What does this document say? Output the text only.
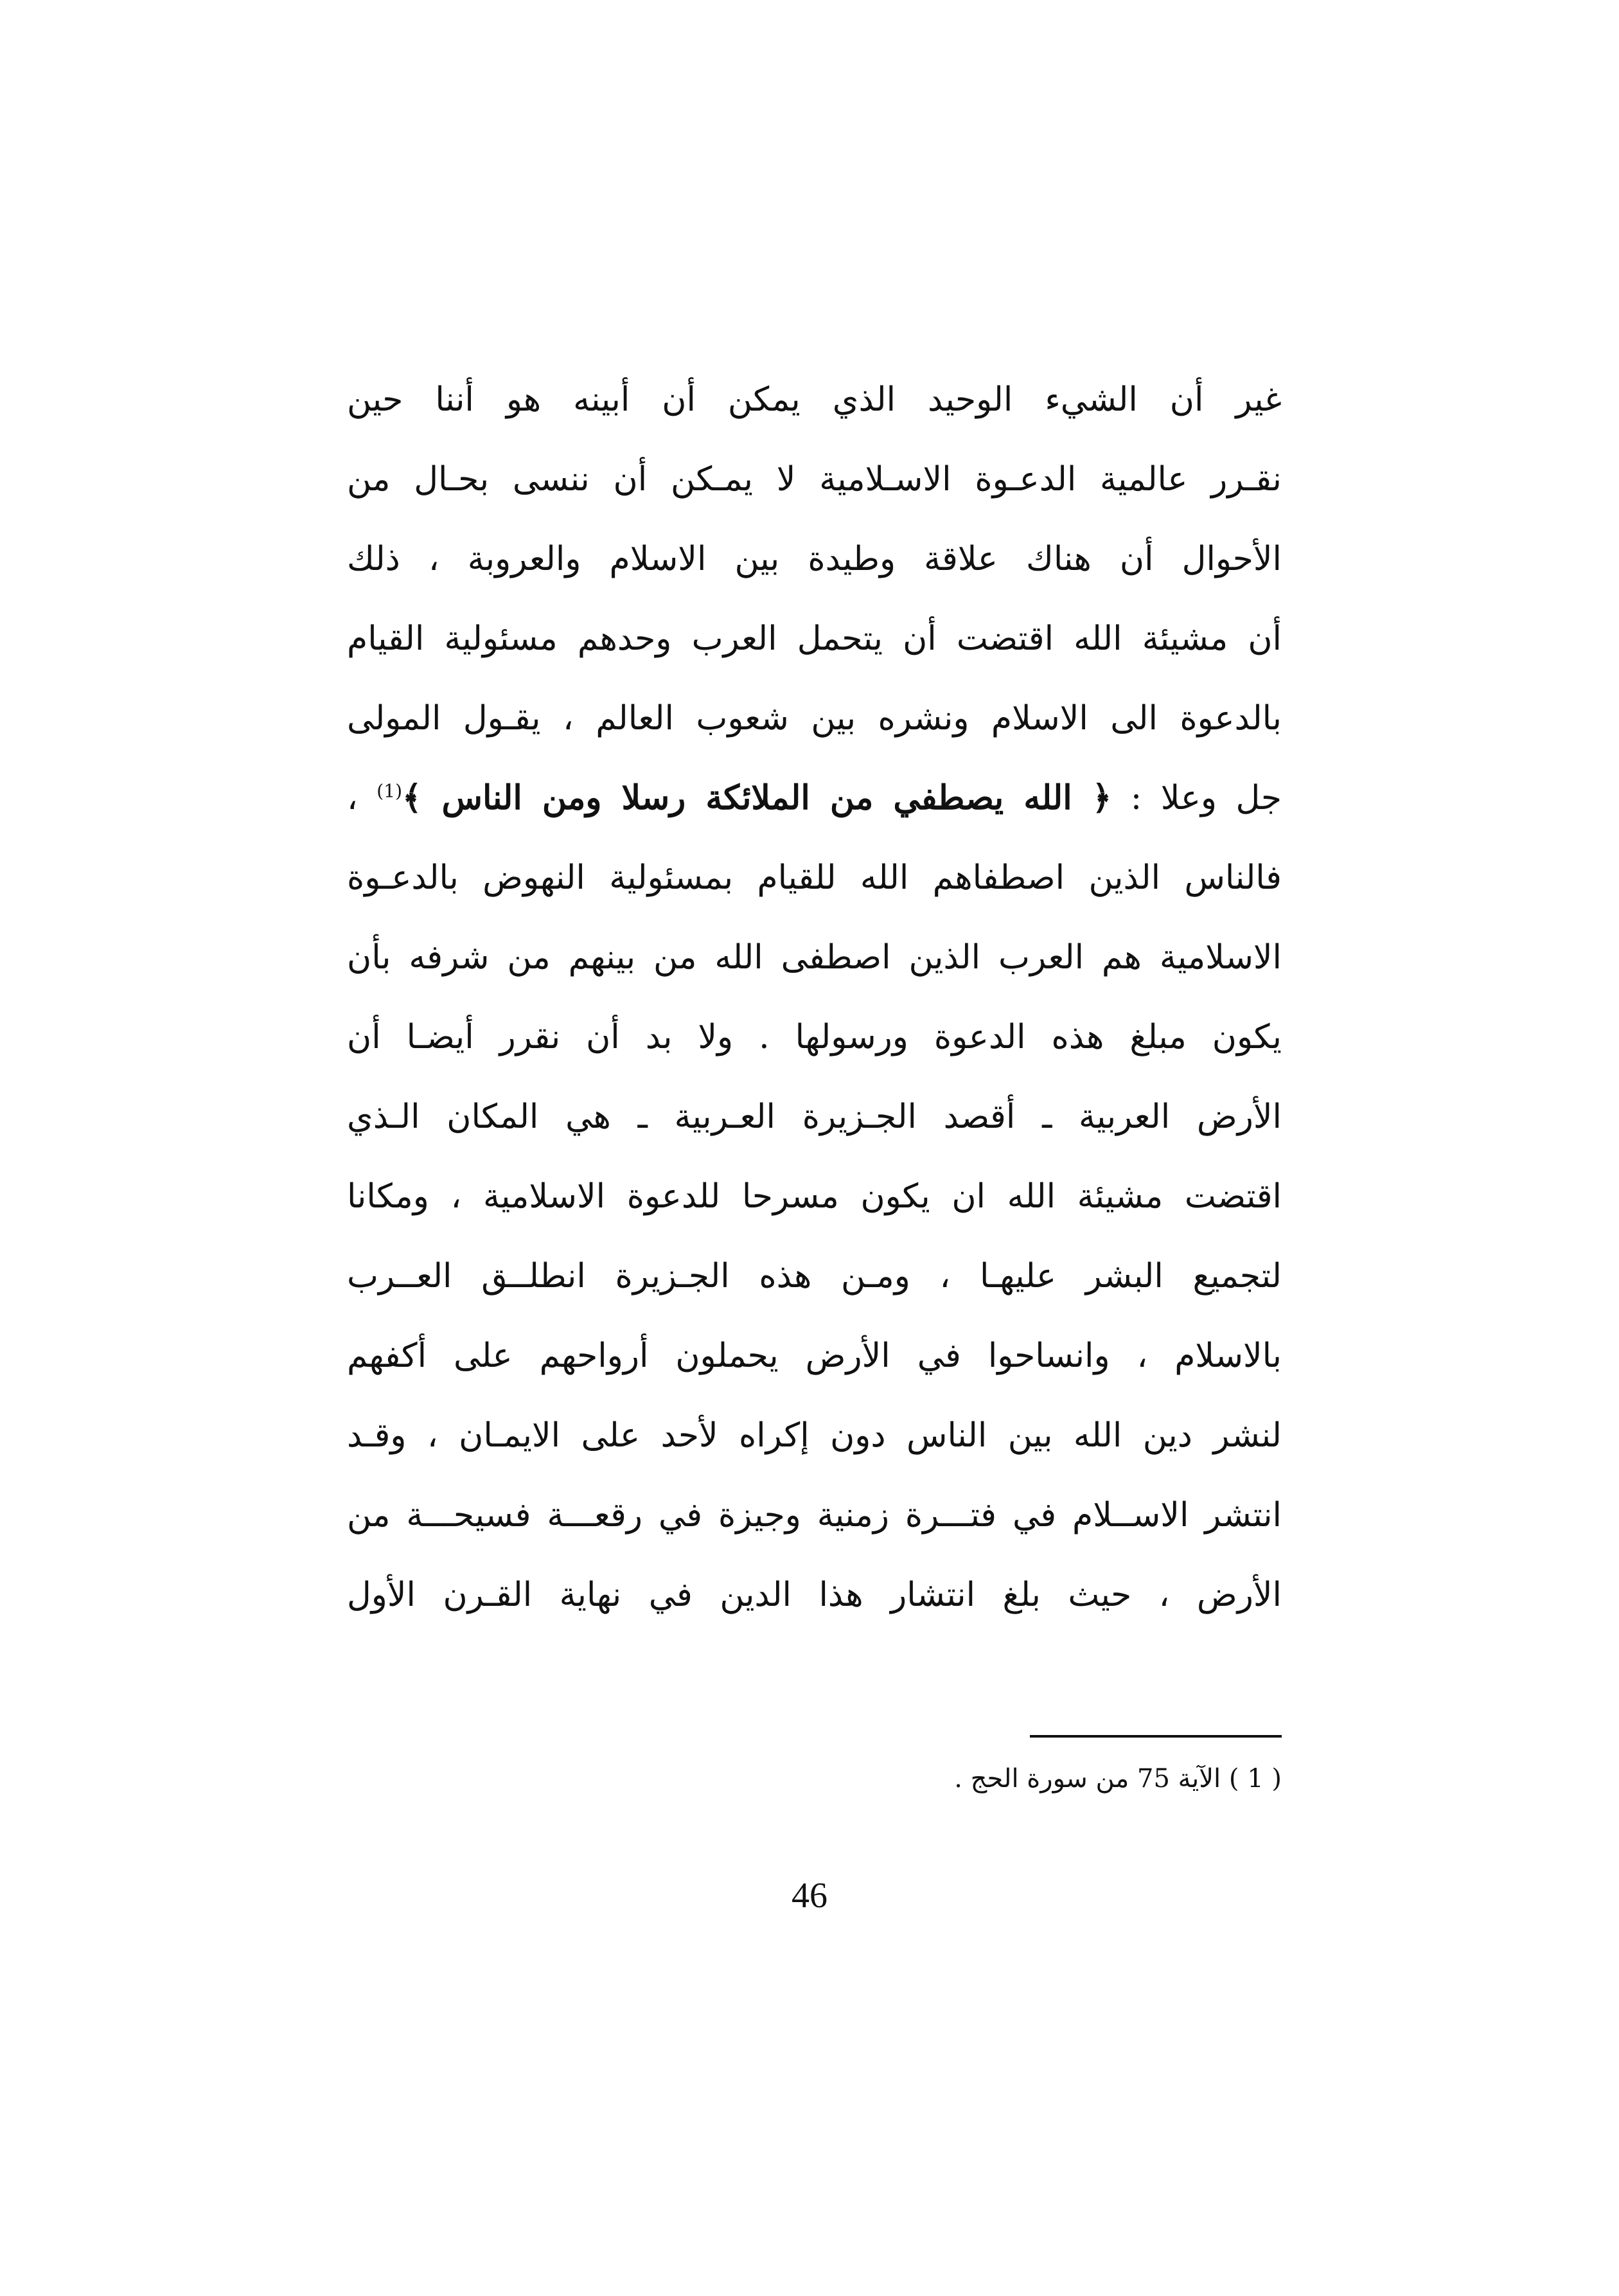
غير أن الشيء الوحيد الذي يمكن أن أبينه هو أننا حين
نقـرر عالمية الدعـوة الاسـلامية لا يمـكن أن ننسى بحـال من
الأحوال أن هناك علاقة وطيدة بين الاسلام والعروبة ، ذلك
أن مشيئة الله اقتضت أن يتحمل العرب وحدهم مسئولية القيام
بالدعوة الى الاسلام ونشره بين شعوب العالم ، يقـول المولى
جل وعلا : ﴿ الله يصطفي من الملائكة رسلا ومن الناس ﴾$^{(1)}$ ،
فالناس الذين اصطفاهم الله للقيام بمسئولية النهوض بالدعـوة
الاسلامية هم العرب الذين اصطفى الله من بينهم من شرفه بأن
يكون مبلغ هذه الدعوة ورسولها . ولا بد أن نقرر أيضـا أن
الأرض العربية ـ أقصد الجـزيرة العـربية ـ هي المكان الـذي
اقتضت مشيئة الله ان يكون مسرحا للدعوة الاسلامية ، ومكانا
لتجميع البشر عليهـا ، ومـن هذه الجـزيرة انطلــق العــرب
بالاسلام ، وانساحوا في الأرض يحملون أرواحهم على أكفهم
لنشر دين الله بين الناس دون إكراه لأحد على الايمـان ، وقـد
انتشر الاســلام في فتـــرة زمنية وجيزة في رقعـــة فسيحـــة من
الأرض ، حيث بلغ انتشار هذا الدين في نهاية القـرن الأول
( 1 ) الآية 75 من سورة الحج .
46
